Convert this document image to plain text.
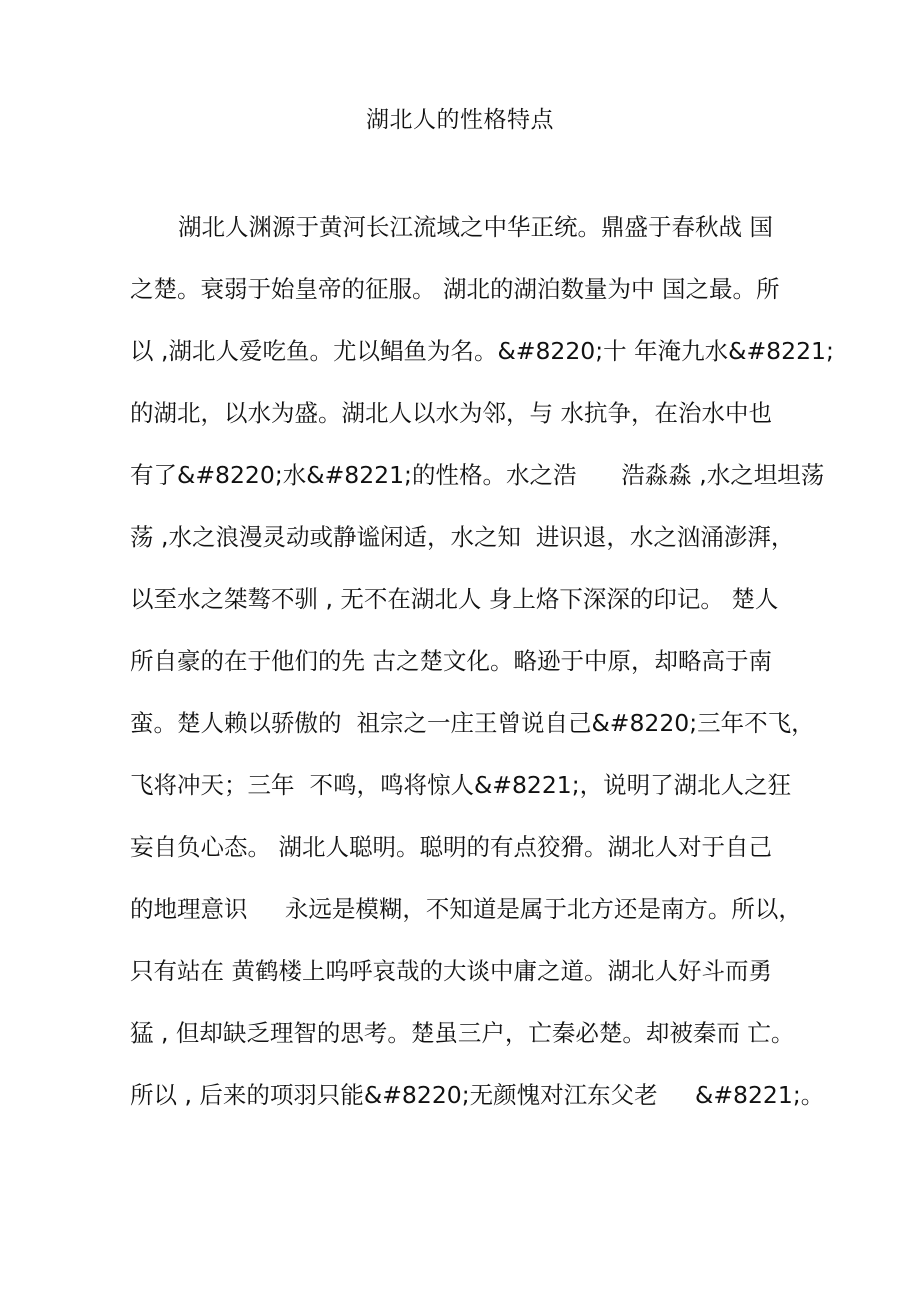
湖北人的性格特点
湖北人渊源于黄河长江流域之中华正统。鼎盛于春秋战 国
之楚。衰弱于始皇帝的征服。 湖北的湖泊数量为中 国之最。所
以 ,湖北人爱吃鱼。尤以鲳鱼为名。&#8220;十 年淹九水&#8221;
的湖北，以水为盛。湖北人以水为邻，与 水抗争，在治水中也
有了&#8220;水&#8221;的性格。水之浩      浩淼淼 ,水之坦坦荡
荡 ,水之浪漫灵动或静谧闲适，水之知  进识退，水之汹涌澎湃，
以至水之桀骜不驯 , 无不在湖北人 身上烙下深深的印记。 楚人
所自豪的在于他们的先 古之楚文化。略逊于中原，却略高于南
蛮。楚人赖以骄傲的  祖宗之一庄王曾说自己&#8220;三年不飞，
飞将冲天；三年  不鸣，鸣将惊人&#8221;，说明了湖北人之狂
妄自负心态。 湖北人聪明。聪明的有点狡猾。湖北人对于自己
的地理意识     永远是模糊，不知道是属于北方还是南方。所以，
只有站在 黄鹤楼上呜呼哀哉的大谈中庸之道。湖北人好斗而勇
猛 , 但却缺乏理智的思考。楚虽三户，亡秦必楚。却被秦而 亡。
所以 , 后来的项羽只能&#8220;无颜愧对江东父老     &#8221;。
